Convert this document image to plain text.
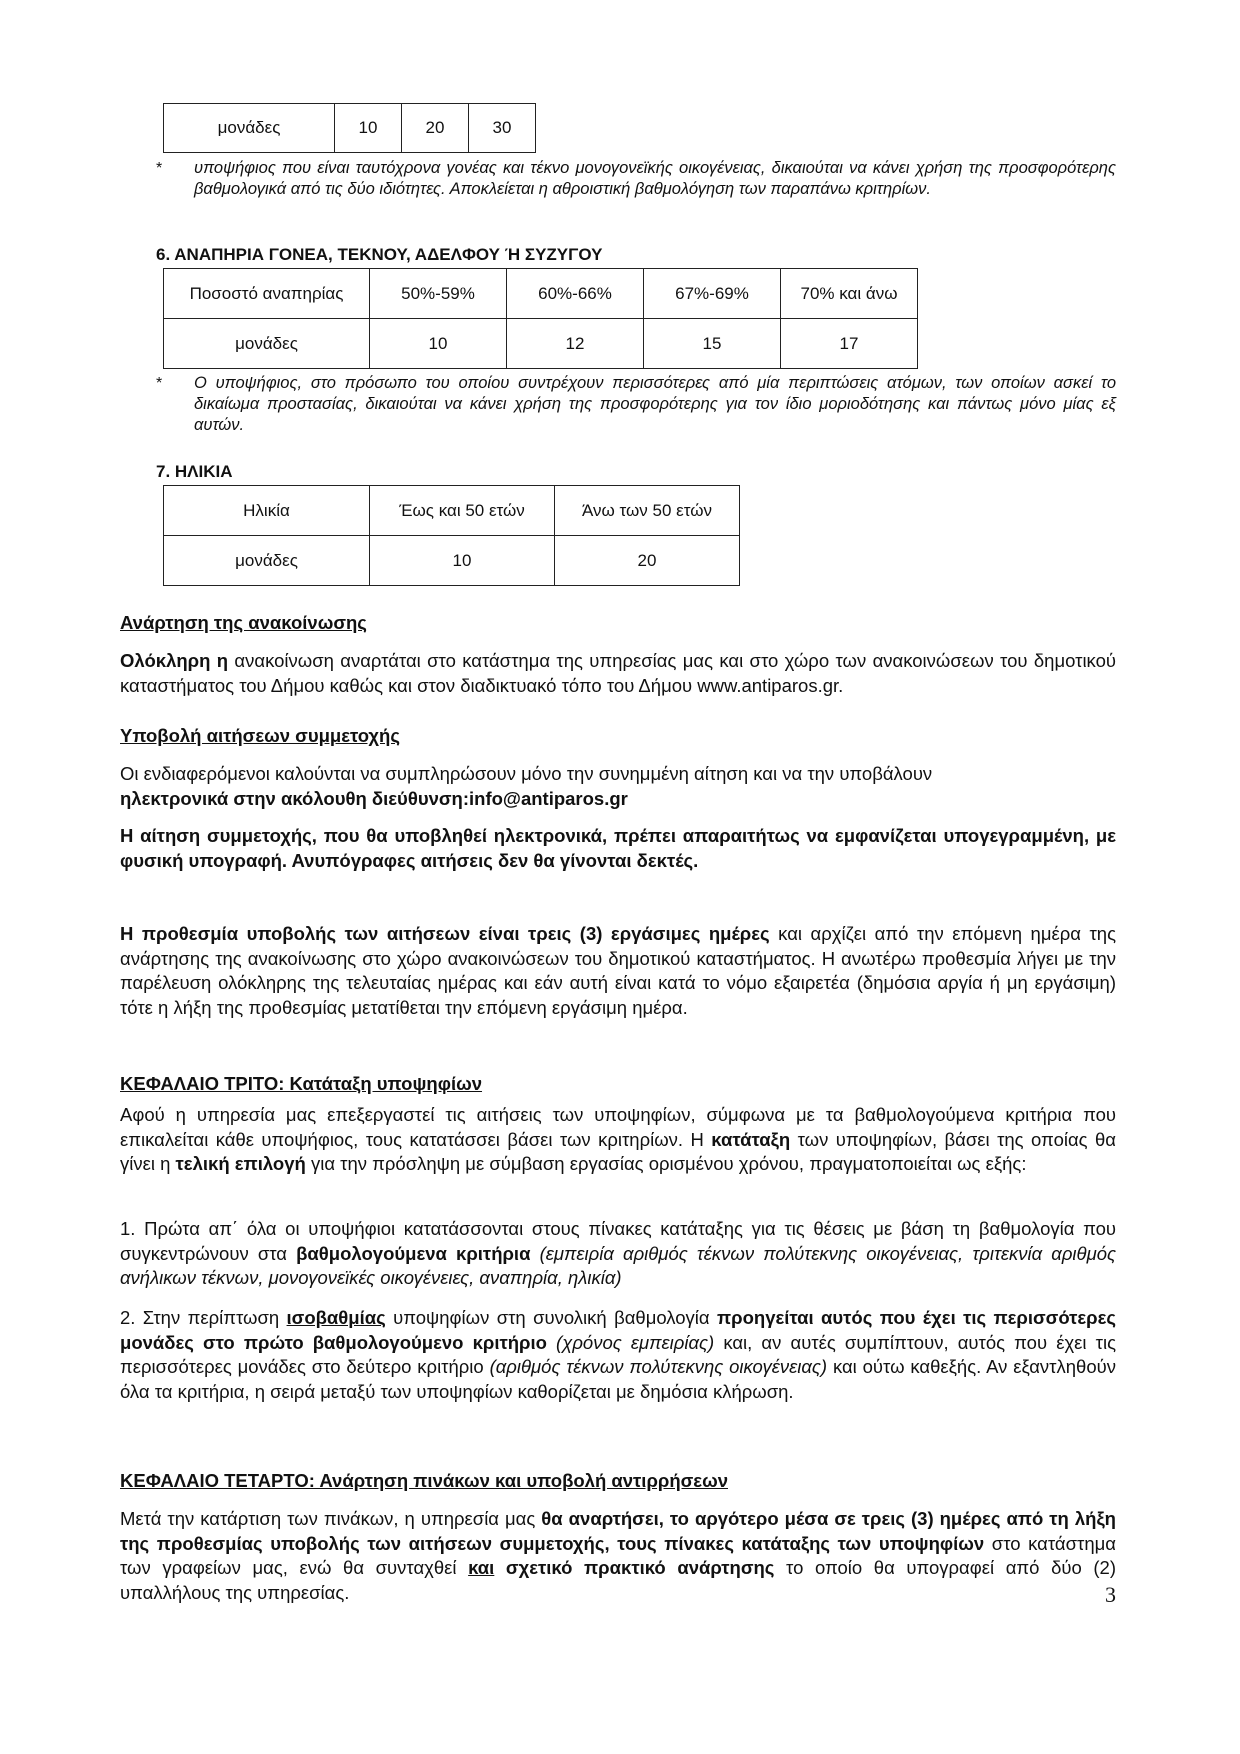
μονάδες	10	20	30
* υποψήφιος που είναι ταυτόχρονα γονέας και τέκνο μονογονεϊκής οικογένειας, δικαιούται να κάνει χρήση της προσφορότερης βαθμολογικά από τις δύο ιδιότητες. Αποκλείεται η αθροιστική βαθμολόγηση των παραπάνω κριτηρίων.
6. ΑΝΑΠΗΡΙΑ ΓΟΝΕΑ, ΤΕΚΝΟΥ, ΑΔΕΛΦΟΥ Ή ΣΥΖΥΓΟΥ
Ποσοστό αναπηρίας	50%-59%	60%-66%	67%-69%	70% και άνω
μονάδες	10	12	15	17
* Ο υποψήφιος, στο πρόσωπο του οποίου συντρέχουν περισσότερες από μία περιπτώσεις ατόμων, των οποίων ασκεί το δικαίωμα προστασίας, δικαιούται να κάνει χρήση της προσφορότερης για τον ίδιο μοριοδότησης και πάντως μόνο μίας εξ αυτών.
7. ΗΛΙΚΙΑ
Ηλικία	Έως και 50 ετών	Άνω των 50 ετών
μονάδες	10	20
Ανάρτηση της ανακοίνωσης
Ολόκληρη η ανακοίνωση αναρτάται στο κατάστημα της υπηρεσίας μας και στο χώρο των ανακοινώσεων του δημοτικού καταστήματος του Δήμου καθώς και στον διαδικτυακό τόπο του Δήμου www.antiparos.gr.
Υποβολή αιτήσεων συμμετοχής
Οι ενδιαφερόμενοι καλούνται να συμπληρώσουν μόνο την συνημμένη αίτηση και να την υποβάλουν
ηλεκτρονικά στην ακόλουθη διεύθυνση:info@antiparos.gr
Η αίτηση συμμετοχής, που θα υποβληθεί ηλεκτρονικά, πρέπει απαραιτήτως να εμφανίζεται υπογεγραμμένη, με φυσική υπογραφή. Ανυπόγραφες αιτήσεις δεν θα γίνονται δεκτές.
Η προθεσμία υποβολής των αιτήσεων είναι τρεις (3) εργάσιμες ημέρες και αρχίζει από την επόμενη ημέρα της ανάρτησης της ανακοίνωσης στο χώρο ανακοινώσεων του δημοτικού καταστήματος. Η ανωτέρω προθεσμία λήγει με την παρέλευση ολόκληρης της τελευταίας ημέρας και εάν αυτή είναι κατά το νόμο εξαιρετέα (δημόσια αργία ή μη εργάσιμη) τότε η λήξη της προθεσμίας μετατίθεται την επόμενη εργάσιμη ημέρα.
ΚΕΦΑΛΑΙΟ ΤΡΙΤΟ: Κατάταξη υποψηφίων
Αφού η υπηρεσία μας επεξεργαστεί τις αιτήσεις των υποψηφίων, σύμφωνα με τα βαθμολογούμενα κριτήρια που επικαλείται κάθε υποψήφιος, τους κατατάσσει βάσει των κριτηρίων. Η κατάταξη των υποψηφίων, βάσει της οποίας θα γίνει η τελική επιλογή για την πρόσληψη με σύμβαση εργασίας ορισμένου χρόνου, πραγματοποιείται ως εξής:
1. Πρώτα απ΄ όλα οι υποψήφιοι κατατάσσονται στους πίνακες κατάταξης για τις θέσεις με βάση τη βαθμολογία που συγκεντρώνουν στα βαθμολογούμενα κριτήρια (εμπειρία αριθμός τέκνων πολύτεκνης οικογένειας, τριτεκνία αριθμός ανήλικων τέκνων, μονογονεϊκές οικογένειες, αναπηρία, ηλικία)
2. Στην περίπτωση ισοβαθμίας υποψηφίων στη συνολική βαθμολογία προηγείται αυτός που έχει τις περισσότερες μονάδες στο πρώτο βαθμολογούμενο κριτήριο (χρόνος εμπειρίας) και, αν αυτές συμπίπτουν, αυτός που έχει τις περισσότερες μονάδες στο δεύτερο κριτήριο (αριθμός τέκνων πολύτεκνης οικογένειας) και ούτω καθεξής. Αν εξαντληθούν όλα τα κριτήρια, η σειρά μεταξύ των υποψηφίων καθορίζεται με δημόσια κλήρωση.
ΚΕΦΑΛΑΙΟ ΤΕΤΑΡΤΟ: Ανάρτηση πινάκων και υποβολή αντιρρήσεων
Μετά την κατάρτιση των πινάκων, η υπηρεσία μας θα αναρτήσει, το αργότερο μέσα σε τρεις (3) ημέρες από τη λήξη της προθεσμίας υποβολής των αιτήσεων συμμετοχής, τους πίνακες κατάταξης των υποψηφίων στο κατάστημα των γραφείων μας, ενώ θα συνταχθεί και σχετικό πρακτικό ανάρτησης το οποίο θα υπογραφεί από δύο (2) υπαλλήλους της υπηρεσίας.	3
